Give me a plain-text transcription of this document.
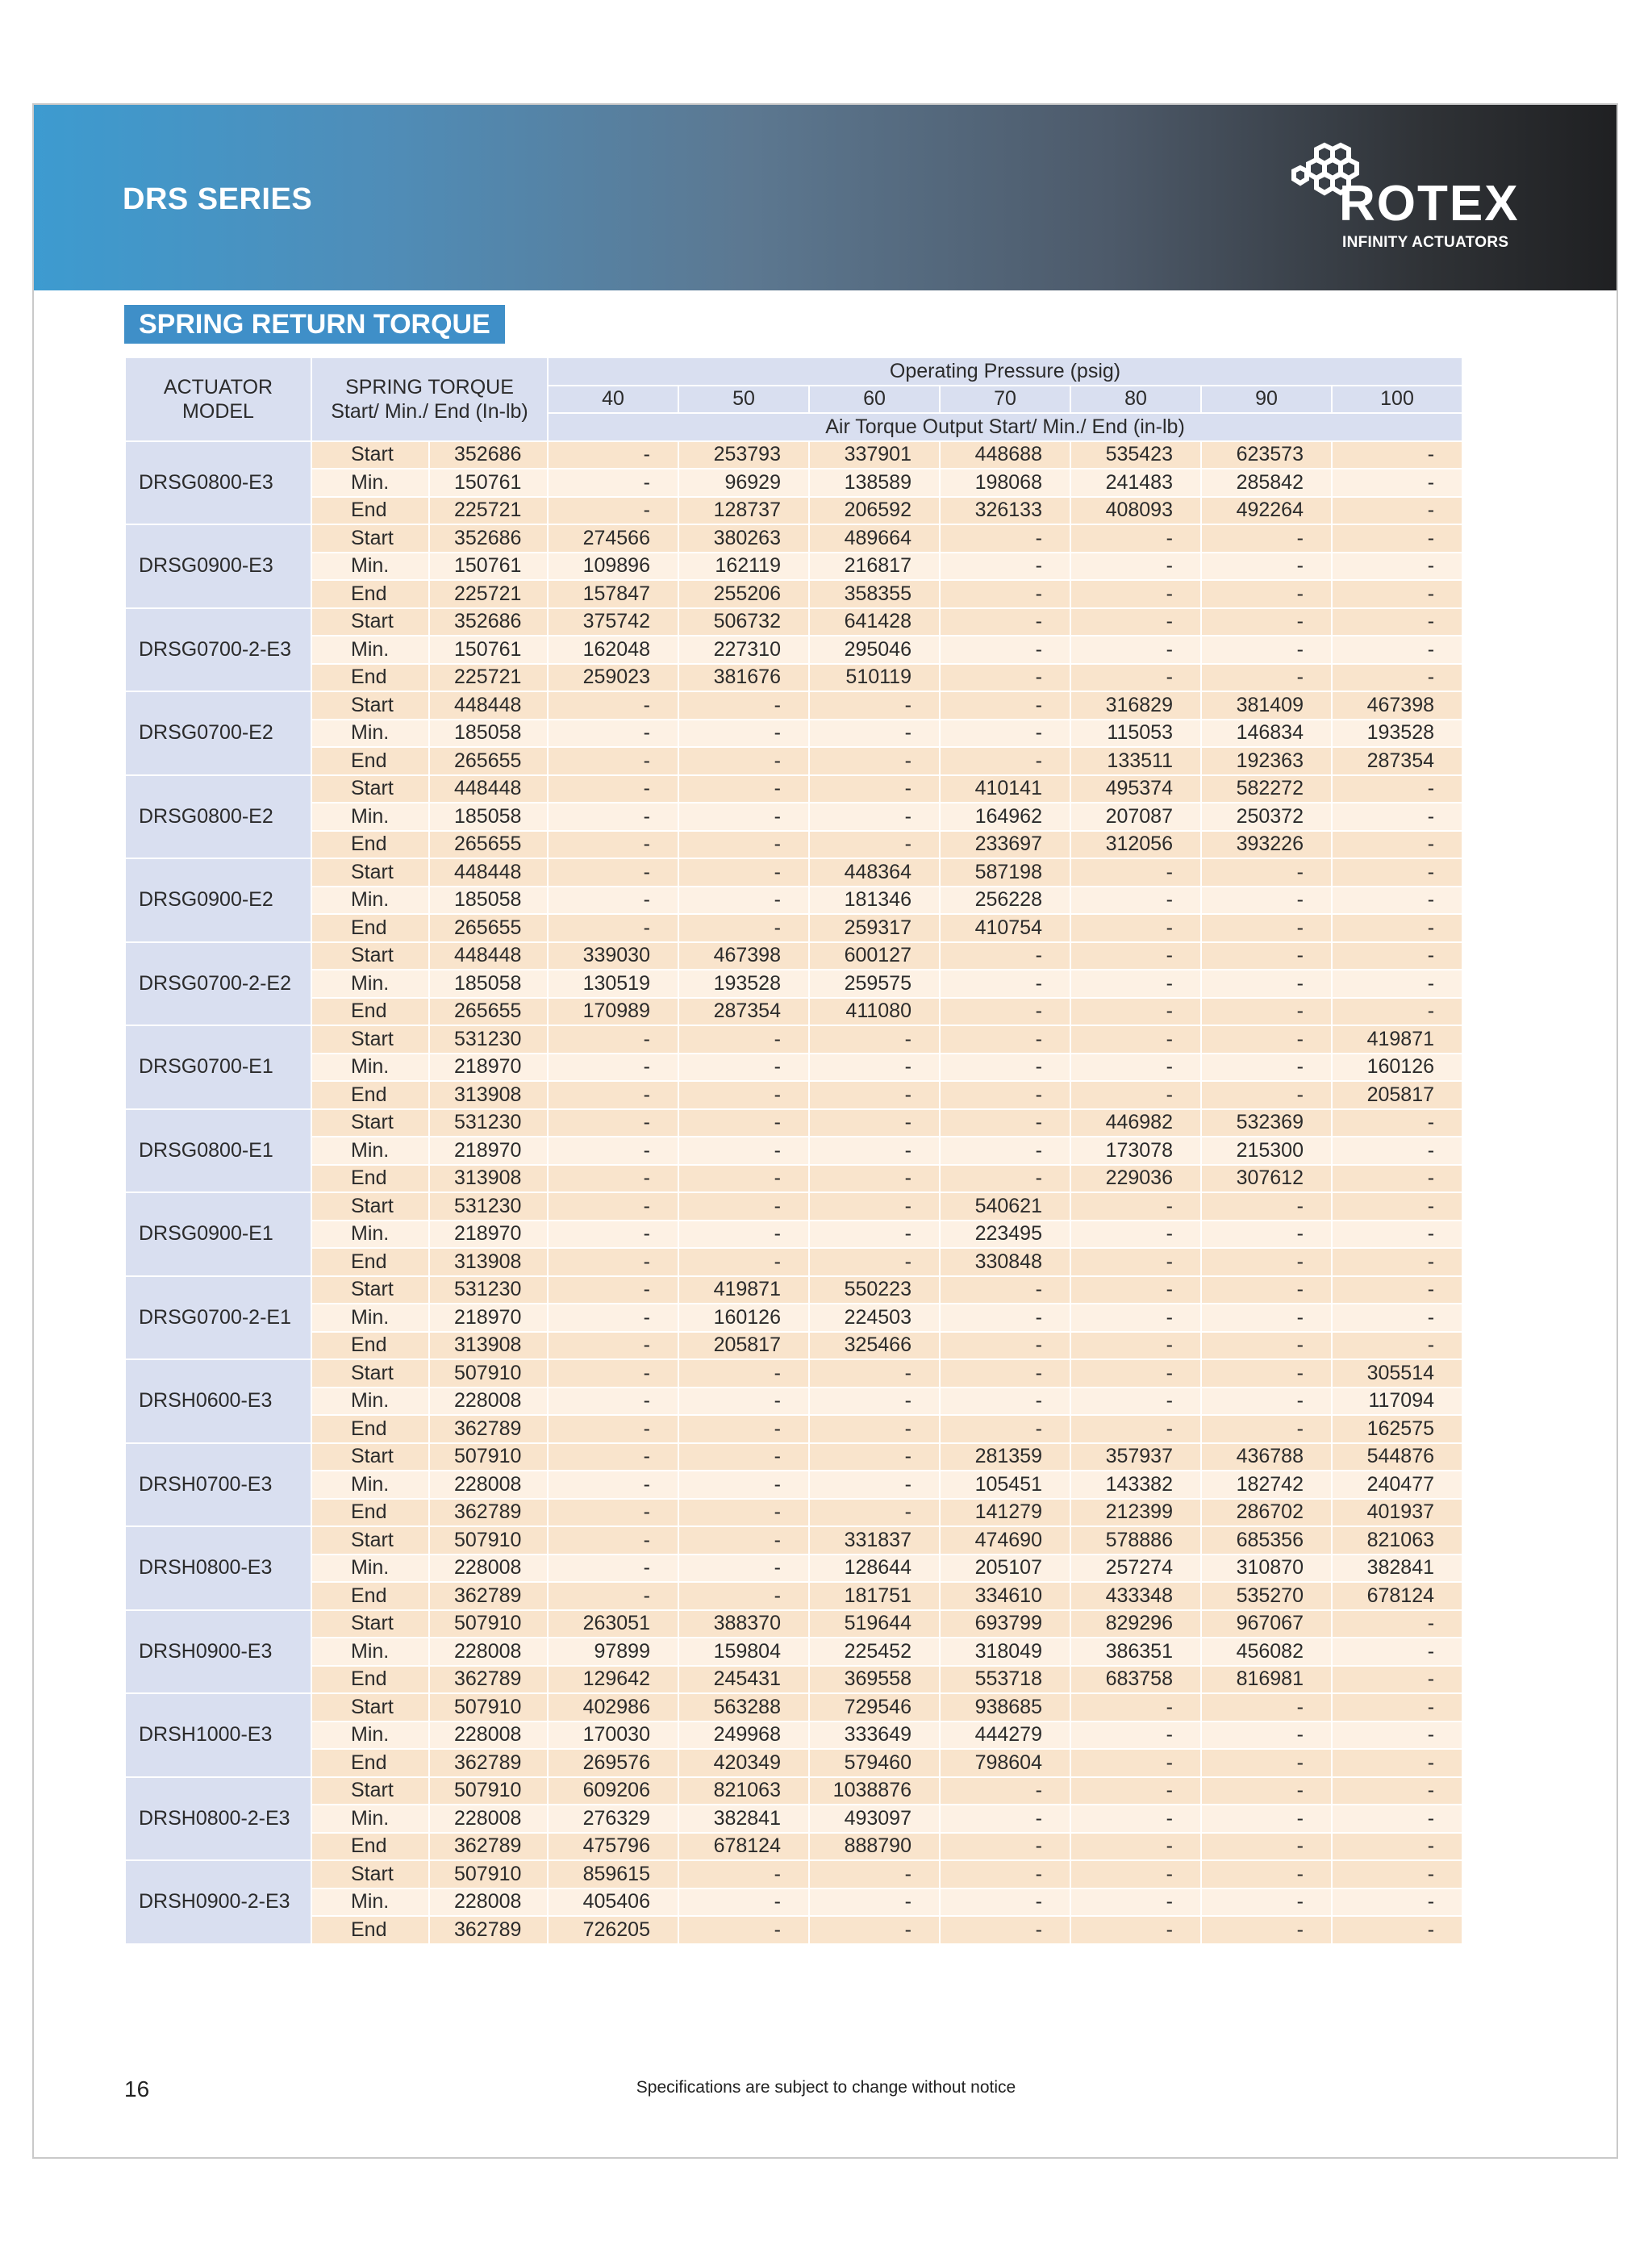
DRS SERIES	ROTEX
INFINITY ACTUATORS
SPRING RETURN TORQUE
ACTUATOR MODEL	SPRING TORQUE
Start/ Min./ End (In-lb)		Operating Pressure (psig)						
			40	50	60	70	80	90	100
			Air Torque Output Start/ Min./ End (in-lb)						
DRSG0800-E3	Start	352686	-	253793	337901	448688	535423	623573	-
	Min.	150761	-	96929	138589	198068	241483	285842	-
	End	225721	-	128737	206592	326133	408093	492264	-
DRSG0900-E3	Start	352686	274566	380263	489664	-	-	-	-
	Min.	150761	109896	162119	216817	-	-	-	-
	End	225721	157847	255206	358355	-	-	-	-
DRSG0700-2-E3	Start	352686	375742	506732	641428	-	-	-	-
	Min.	150761	162048	227310	295046	-	-	-	-
	End	225721	259023	381676	510119	-	-	-	-
DRSG0700-E2	Start	448448	-	-	-	-	316829	381409	467398
	Min.	185058	-	-	-	-	115053	146834	193528
	End	265655	-	-	-	-	133511	192363	287354
DRSG0800-E2	Start	448448	-	-	-	410141	495374	582272	-
	Min.	185058	-	-	-	164962	207087	250372	-
	End	265655	-	-	-	233697	312056	393226	-
DRSG0900-E2	Start	448448	-	-	448364	587198	-	-	-
	Min.	185058	-	-	181346	256228	-	-	-
	End	265655	-	-	259317	410754	-	-	-
DRSG0700-2-E2	Start	448448	339030	467398	600127	-	-	-	-
	Min.	185058	130519	193528	259575	-	-	-	-
	End	265655	170989	287354	411080	-	-	-	-
DRSG0700-E1	Start	531230	-	-	-	-	-	-	419871
	Min.	218970	-	-	-	-	-	-	160126
	End	313908	-	-	-	-	-	-	205817
DRSG0800-E1	Start	531230	-	-	-	-	446982	532369	-
	Min.	218970	-	-	-	-	173078	215300	-
	End	313908	-	-	-	-	229036	307612	-
DRSG0900-E1	Start	531230	-	-	-	540621	-	-	-
	Min.	218970	-	-	-	223495	-	-	-
	End	313908	-	-	-	330848	-	-	-
DRSG0700-2-E1	Start	531230	-	419871	550223	-	-	-	-
	Min.	218970	-	160126	224503	-	-	-	-
	End	313908	-	205817	325466	-	-	-	-
DRSH0600-E3	Start	507910	-	-	-	-	-	-	305514
	Min.	228008	-	-	-	-	-	-	117094
	End	362789	-	-	-	-	-	-	162575
DRSH0700-E3	Start	507910	-	-	-	281359	357937	436788	544876
	Min.	228008	-	-	-	105451	143382	182742	240477
	End	362789	-	-	-	141279	212399	286702	401937
DRSH0800-E3	Start	507910	-	-	331837	474690	578886	685356	821063
	Min.	228008	-	-	128644	205107	257274	310870	382841
	End	362789	-	-	181751	334610	433348	535270	678124
DRSH0900-E3	Start	507910	263051	388370	519644	693799	829296	967067	-
	Min.	228008	97899	159804	225452	318049	386351	456082	-
	End	362789	129642	245431	369558	553718	683758	816981	-
DRSH1000-E3	Start	507910	402986	563288	729546	938685	-	-	-
	Min.	228008	170030	249968	333649	444279	-	-	-
	End	362789	269576	420349	579460	798604	-	-	-
DRSH0800-2-E3	Start	507910	609206	821063	1038876	-	-	-	-
	Min.	228008	276329	382841	493097	-	-	-	-
	End	362789	475796	678124	888790	-	-	-	-
DRSH0900-2-E3	Start	507910	859615	-	-	-	-	-	-
	Min.	228008	405406	-	-	-	-	-	-
	End	362789	726205	-	-	-	-	-	-
16	Specifications are subject to change without notice
